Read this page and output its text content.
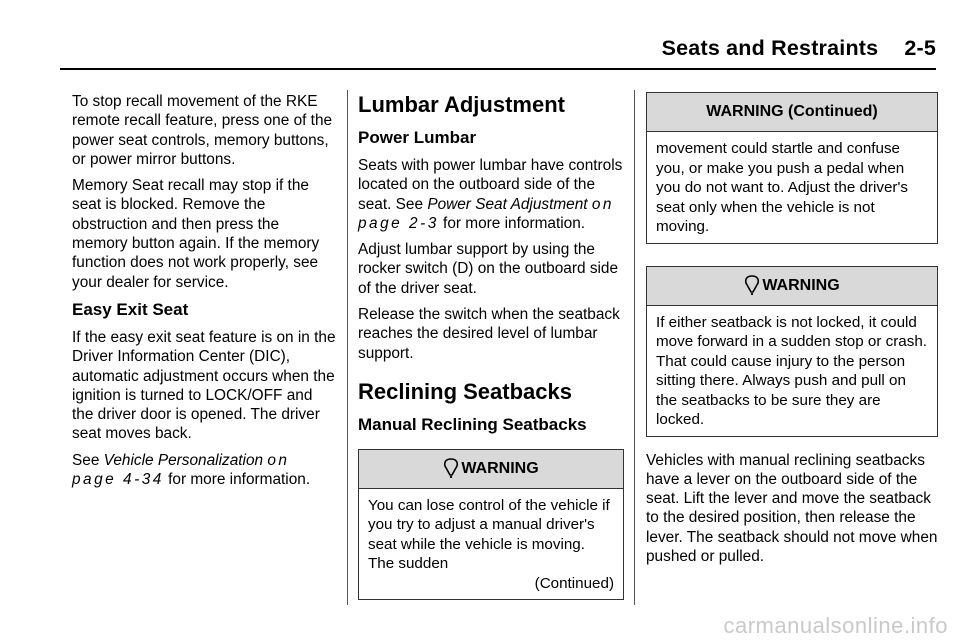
Seats and Restraints 2-5

To stop recall movement of the RKE remote recall feature, press one of the power seat controls, memory buttons, or power mirror buttons.

Memory Seat recall may stop if the seat is blocked. Remove the obstruction and then press the memory button again. If the memory function does not work properly, see your dealer for service.

Easy Exit Seat

If the easy exit seat feature is on in the Driver Information Center (DIC), automatic adjustment occurs when the ignition is turned to LOCK/OFF and the driver door is opened. The driver seat moves back.

See Vehicle Personalization on page 4-34 for more information.

Lumbar Adjustment
Power Lumbar

Seats with power lumbar have controls located on the outboard side of the seat. See Power Seat Adjustment on page 2-3 for more information.

Adjust lumbar support by using the rocker switch (D) on the outboard side of the driver seat.

Release the switch when the seatback reaches the desired level of lumbar support.

Reclining Seatbacks
Manual Reclining Seatbacks
WARNING
You can lose control of the vehicle if you try to adjust a manual driver's seat while the vehicle is moving. The sudden
(Continued)
WARNING (Continued)
movement could startle and confuse you, or make you push a pedal when you do not want to. Adjust the driver's seat only when the vehicle is not moving.
WARNING
If either seatback is not locked, it could move forward in a sudden stop or crash. That could cause injury to the person sitting there. Always push and pull on the seatbacks to be sure they are locked.

Vehicles with manual reclining seatbacks have a lever on the outboard side of the seat. Lift the lever and move the seatback to the desired position, then release the lever. The seatback should not move when pushed or pulled.

carmanualsonline.info
